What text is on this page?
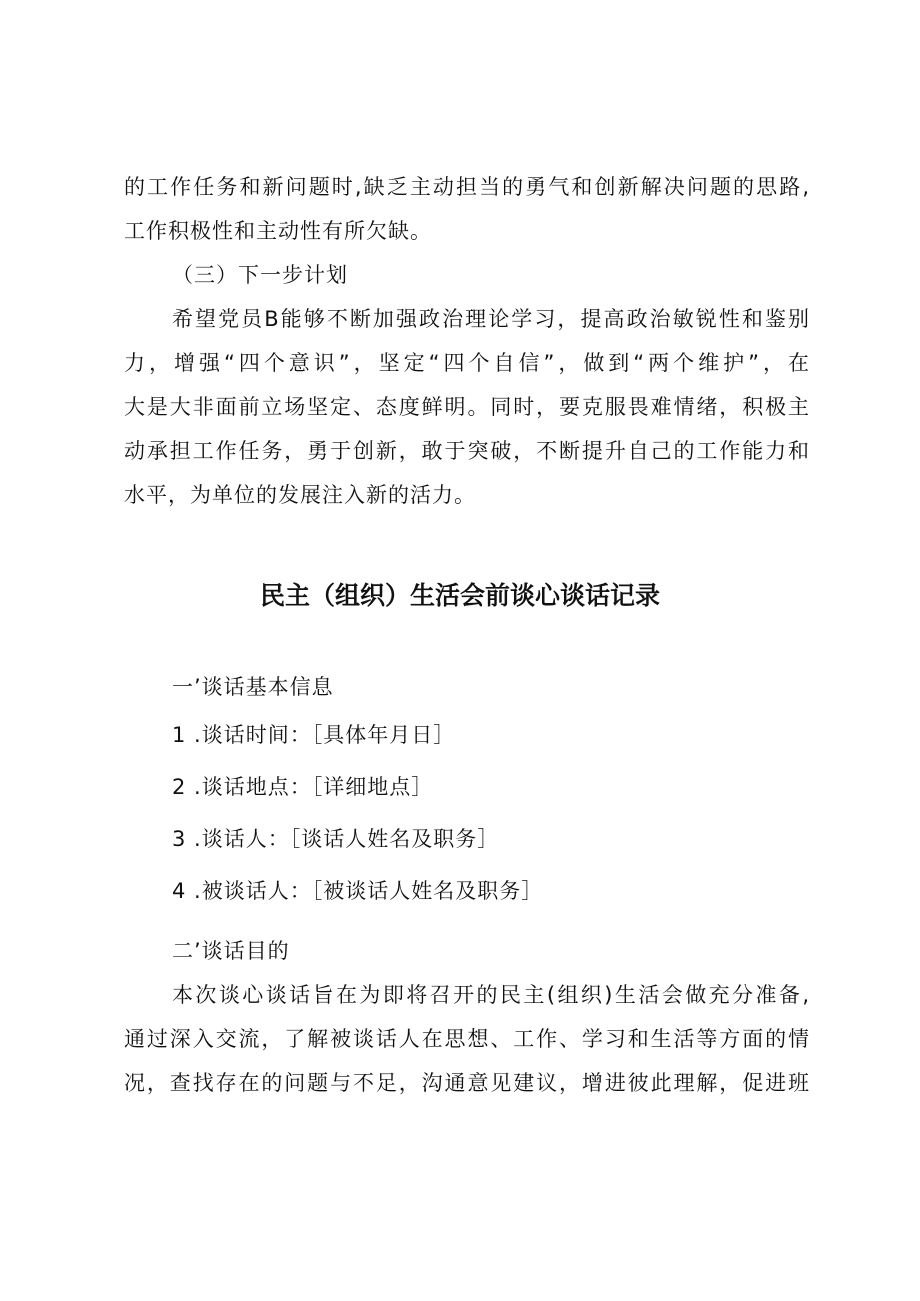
的工作任务和新问题时,缺乏主动担当的勇气和创新解决问题的思路,
工作积极性和主动性有所欠缺。
（三）下一步计划
希望党员B能够不断加强政治理论学习，提高政治敏锐性和鉴别
力，增强“四个意识”，坚定“四个自信”，做到“两个维护”，在
大是大非面前立场坚定、态度鲜明。同时，要克服畏难情绪，积极主
动承担工作任务，勇于创新，敢于突破，不断提升自己的工作能力和
水平，为单位的发展注入新的活力。
民主（组织）生活会前谈心谈话记录
一’谈话基本信息
1 .谈话时间：［具体年月日］
2 .谈话地点：［详细地点］
3 .谈话人：［谈话人姓名及职务］
4 .被谈话人：［被谈话人姓名及职务］
二’谈话目的
本次谈心谈话旨在为即将召开的民主(组织)生活会做充分准备,
通过深入交流，了解被谈话人在思想、工作、学习和生活等方面的情
况，查找存在的问题与不足，沟通意见建议，增进彼此理解，促进班
